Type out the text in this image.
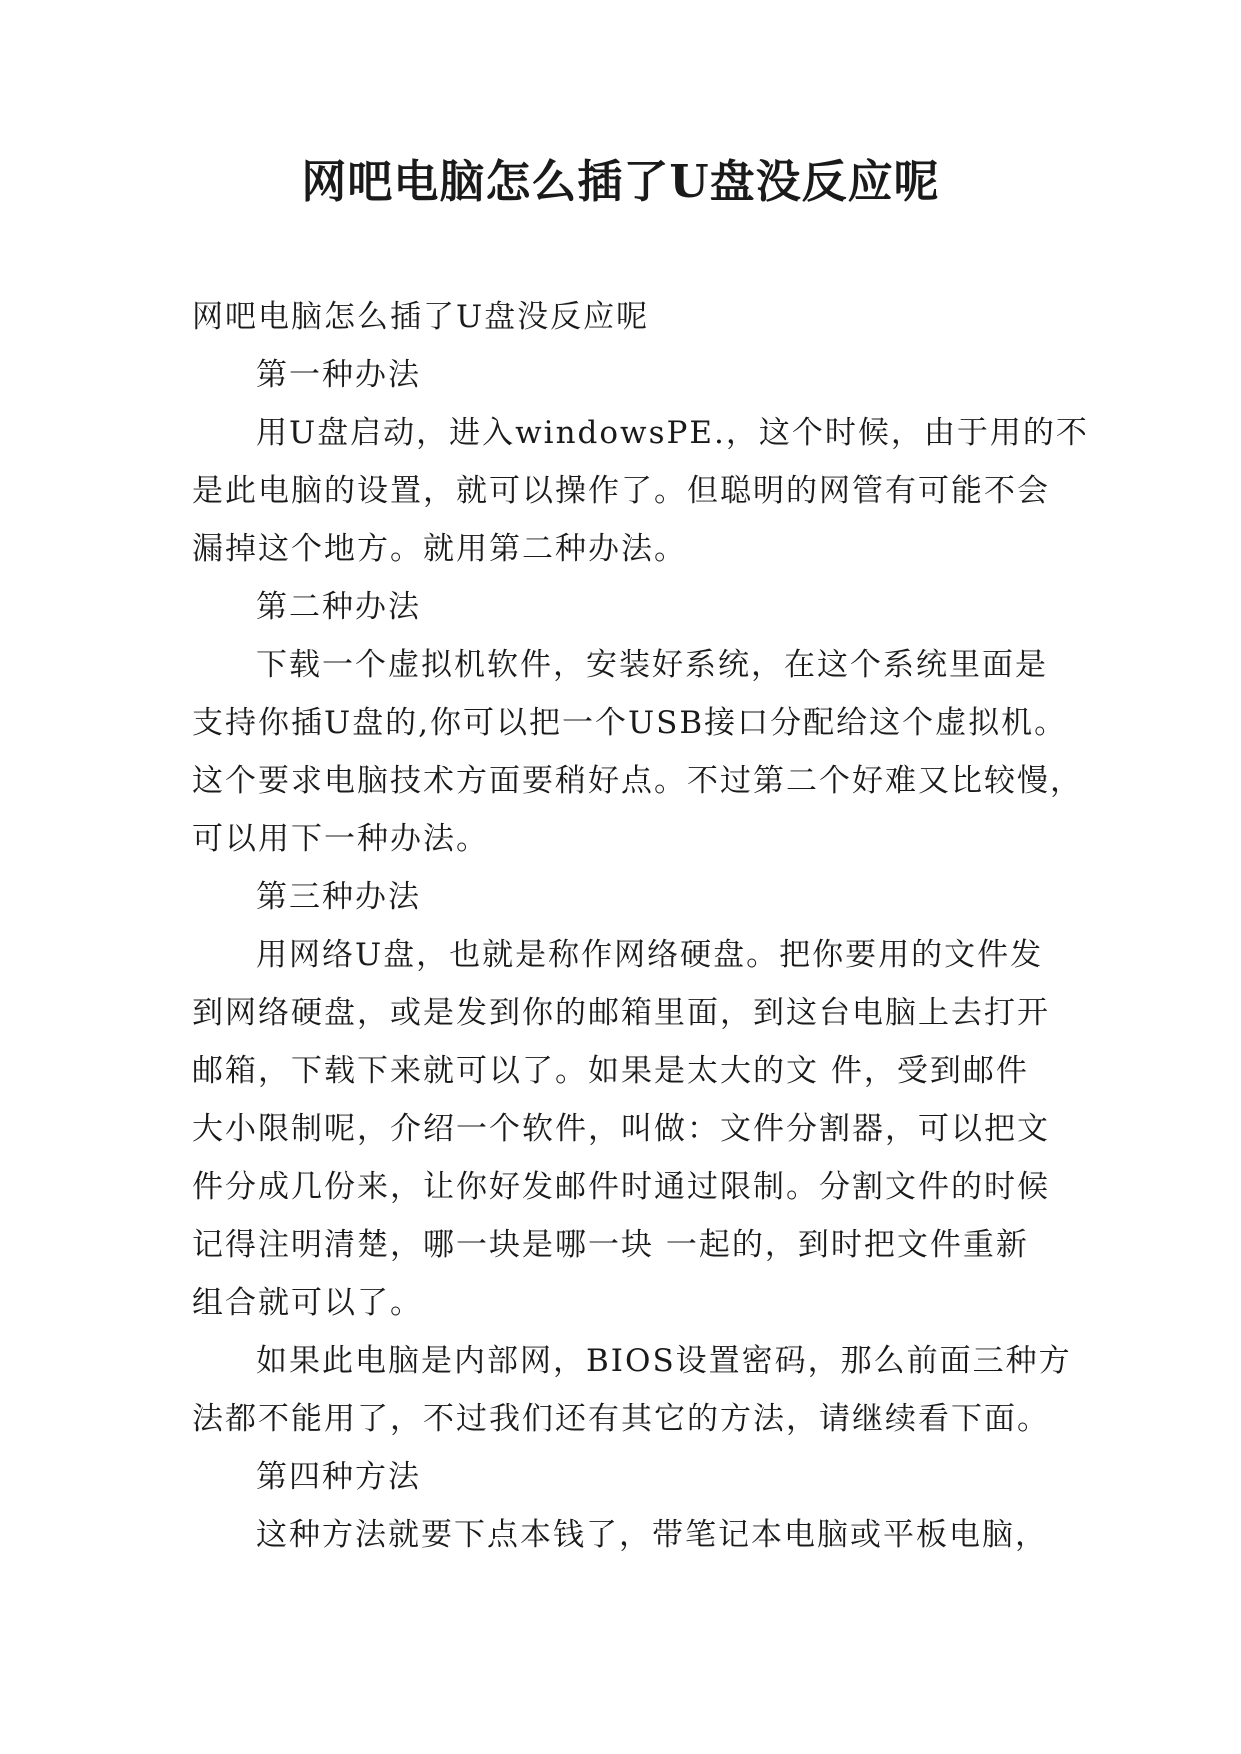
网吧电脑怎么插了U盘没反应呢
网吧电脑怎么插了U盘没反应呢
第一种办法
用U盘启动，进入windowsPE.，这个时候，由于用的不
是此电脑的设置，就可以操作了。但聪明的网管有可能不会
漏掉这个地方。就用第二种办法。
第二种办法
下载一个虚拟机软件，安装好系统，在这个系统里面是
支持你插U盘的,你可以把一个USB接口分配给这个虚拟机。
这个要求电脑技术方面要稍好点。不过第二个好难又比较慢，
可以用下一种办法。
第三种办法
用网络U盘，也就是称作网络硬盘。把你要用的文件发
到网络硬盘，或是发到你的邮箱里面，到这台电脑上去打开
邮箱，下载下来就可以了。如果是太大的文 件，受到邮件
大小限制呢，介绍一个软件，叫做：文件分割器，可以把文
件分成几份来，让你好发邮件时通过限制。分割文件的时候
记得注明清楚，哪一块是哪一块 一起的，到时把文件重新
组合就可以了。
如果此电脑是内部网，BIOS设置密码，那么前面三种方
法都不能用了，不过我们还有其它的方法，请继续看下面。
第四种方法
这种方法就要下点本钱了，带笔记本电脑或平板电脑，
